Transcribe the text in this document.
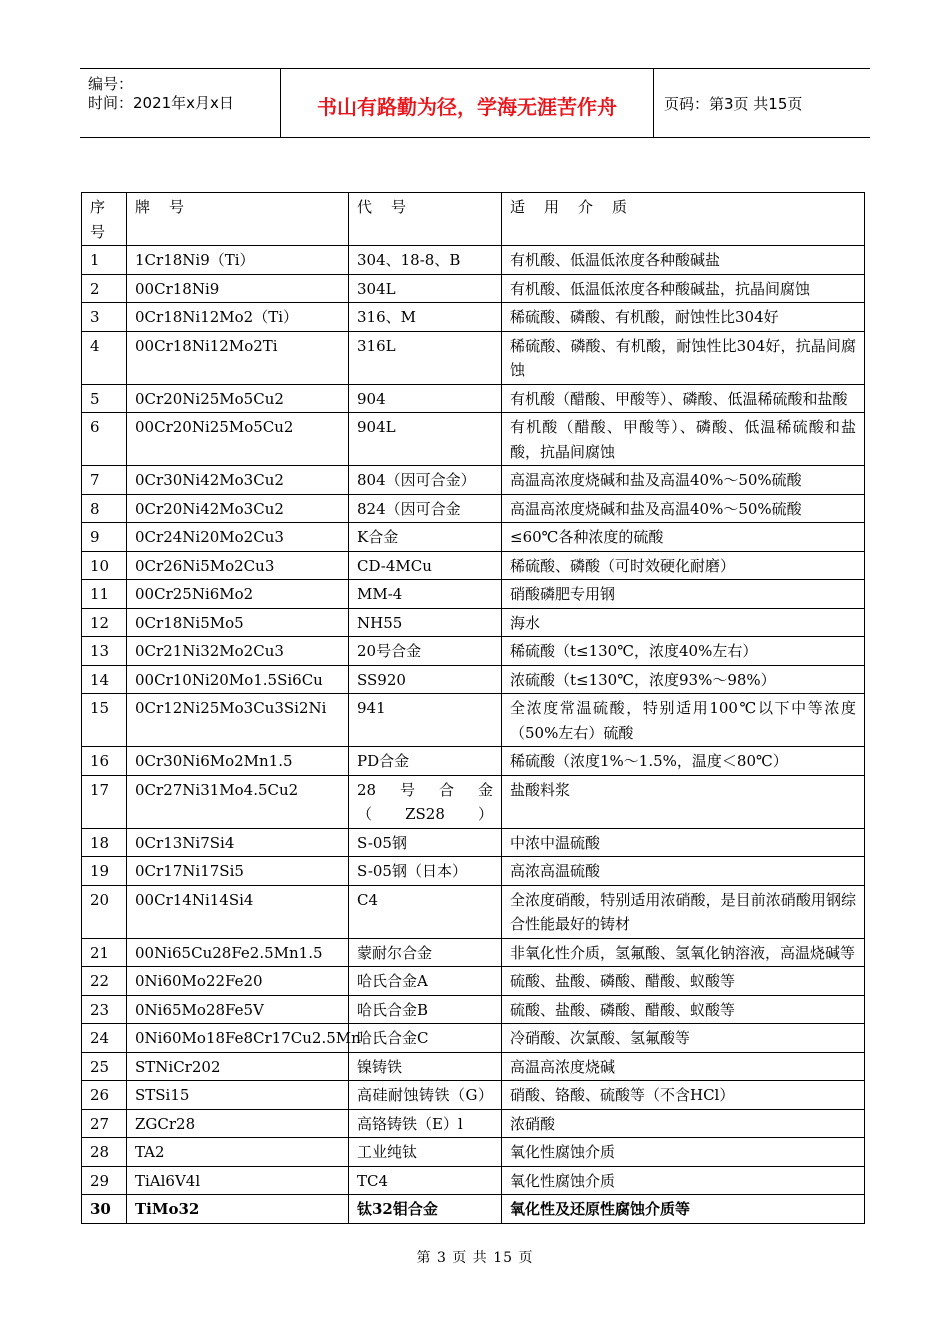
编号：
时间：2021年x月x日	书山有路勤为径，学海无涯苦作舟	页码：第3页 共15页
序 号	牌　号	代　号	适　用　介　质
1	1Cr18Ni9（Ti）	304、18-8、B	有机酸、低温低浓度各种酸碱盐
2	00Cr18Ni9	304L	有机酸、低温低浓度各种酸碱盐，抗晶间腐蚀
3	0Cr18Ni12Mo2（Ti）	316、M	稀硫酸、磷酸、有机酸，耐蚀性比304好
4	00Cr18Ni12Mo2Ti	316L	稀硫酸、磷酸、有机酸，耐蚀性比304好，抗晶间腐蚀
5	0Cr20Ni25Mo5Cu2	904	有机酸（醋酸、甲酸等）、磷酸、低温稀硫酸和盐酸
6	00Cr20Ni25Mo5Cu2	904L	有机酸（醋酸、甲酸等）、磷酸、低温稀硫酸和盐酸，抗晶间腐蚀
7	0Cr30Ni42Mo3Cu2	804（因可合金）	高温高浓度烧碱和盐及高温40%～50%硫酸
8	0Cr20Ni42Mo3Cu2	824（因可合金	高温高浓度烧碱和盐及高温40%～50%硫酸
9	0Cr24Ni20Mo2Cu3	K合金	≤60℃各种浓度的硫酸
10	0Cr26Ni5Mo2Cu3	CD-4MCu	稀硫酸、磷酸（可时效硬化耐磨）
11	00Cr25Ni6Mo2	MM-4	硝酸磷肥专用钢
12	0Cr18Ni5Mo5	NH55	海水
13	0Cr21Ni32Mo2Cu3	20号合金	稀硫酸（t≤130℃，浓度40%左右）
14	00Cr10Ni20Mo1.5Si6Cu	SS920	浓硫酸（t≤130℃，浓度93%～98%）
15	0Cr12Ni25Mo3Cu3Si2Ni	941	全浓度常温硫酸，特别适用100℃以下中等浓度（50%左右）硫酸
16	0Cr30Ni6Mo2Mn1.5	PD合金	稀硫酸（浓度1%～1.5%，温度＜80℃）
17	0Cr27Ni31Mo4.5Cu2	28　号　合　金（ZS28）	盐酸料浆
18	0Cr13Ni7Si4	S-05钢	中浓中温硫酸
19	0Cr17Ni17Si5	S-05钢（日本）	高浓高温硫酸
20	00Cr14Ni14Si4	C4	全浓度硝酸，特别适用浓硝酸，是目前浓硝酸用钢综合性能最好的铸材
21	00Ni65Cu28Fe2.5Mn1.5	蒙耐尔合金	非氧化性介质，氢氟酸、氢氧化钠溶液，高温烧碱等
22	0Ni60Mo22Fe20	哈氏合金A	硫酸、盐酸、磷酸、醋酸、蚁酸等
23	0Ni65Mo28Fe5V	哈氏合金B	硫酸、盐酸、磷酸、醋酸、蚁酸等
24	0Ni60Mo18Fe8Cr17Cu2.5Mn	哈氏合金C	冷硝酸、次氯酸、氢氟酸等
25	STNiCr202	镍铸铁	高温高浓度烧碱
26	STSi15	高硅耐蚀铸铁（G）	硝酸、铬酸、硫酸等（不含HCl）
27	ZGCr28	高铬铸铁（E）l	浓硝酸
28	TA2	工业纯钛	氧化性腐蚀介质
29	TiAl6V4l	TC4	氧化性腐蚀介质
30	TiMo32	钛32钼合金	氧化性及还原性腐蚀介质等
第 3 页 共 15 页
